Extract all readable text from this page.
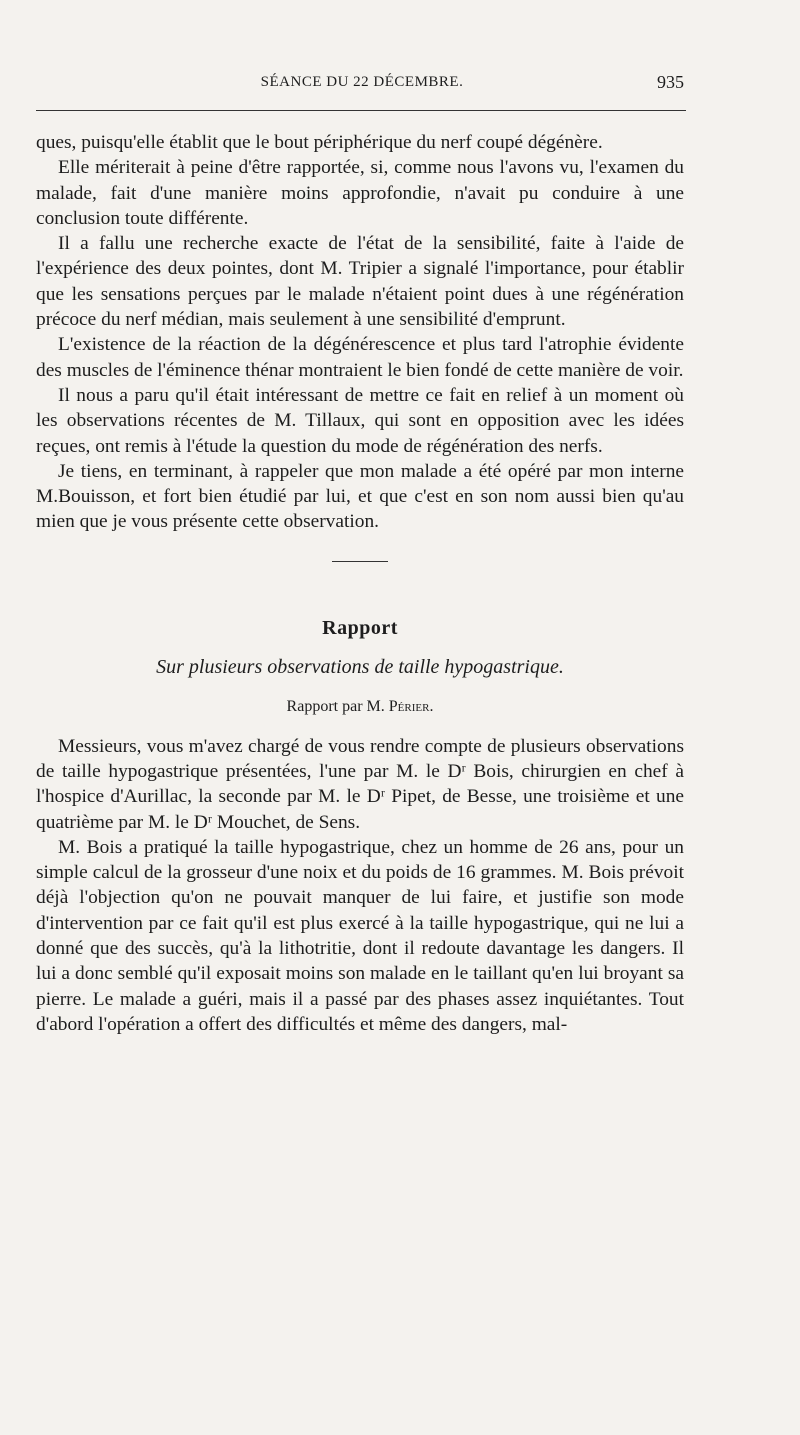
SÉANCE DU 22 DÉCEMBRE.	935

ques, puisqu'elle établit que le bout périphérique du nerf coupé dégénère.

Elle mériterait à peine d'être rapportée, si, comme nous l'avons vu, l'examen du malade, fait d'une manière moins approfondie, n'avait pu conduire à une conclusion toute différente.

Il a fallu une recherche exacte de l'état de la sensibilité, faite à l'aide de l'expérience des deux pointes, dont M. Tripier a signalé l'importance, pour établir que les sensations perçues par le malade n'étaient point dues à une régénération précoce du nerf médian, mais seulement à une sensibilité d'emprunt.

L'existence de la réaction de la dégénérescence et plus tard l'atrophie évidente des muscles de l'éminence thénar montraient le bien fondé de cette manière de voir.

Il nous a paru qu'il était intéressant de mettre ce fait en relief à un moment où les observations récentes de M. Tillaux, qui sont en opposition avec les idées reçues, ont remis à l'étude la question du mode de régénération des nerfs.

Je tiens, en terminant, à rappeler que mon malade a été opéré par mon interne M.Bouisson, et fort bien étudié par lui, et que c'est en son nom aussi bien qu'au mien que je vous présente cette observation.

Rapport
Sur plusieurs observations de taille hypogastrique.
Rapport par M. Périer.

Messieurs, vous m'avez chargé de vous rendre compte de plusieurs observations de taille hypogastrique présentées, l'une par M. le Dʳ Bois, chirurgien en chef à l'hospice d'Aurillac, la seconde par M. le Dʳ Pipet, de Besse, une troisième et une quatrième par M. le Dʳ Mouchet, de Sens.

M. Bois a pratiqué la taille hypogastrique, chez un homme de 26 ans, pour un simple calcul de la grosseur d'une noix et du poids de 16 grammes. M. Bois prévoit déjà l'objection qu'on ne pouvait manquer de lui faire, et justifie son mode d'intervention par ce fait qu'il est plus exercé à la taille hypogastrique, qui ne lui a donné que des succès, qu'à la lithotritie, dont il redoute davantage les dangers. Il lui a donc semblé qu'il exposait moins son malade en le taillant qu'en lui broyant sa pierre. Le malade a guéri, mais il a passé par des phases assez inquiétantes. Tout d'abord l'opération a offert des difficultés et même des dangers, mal-
